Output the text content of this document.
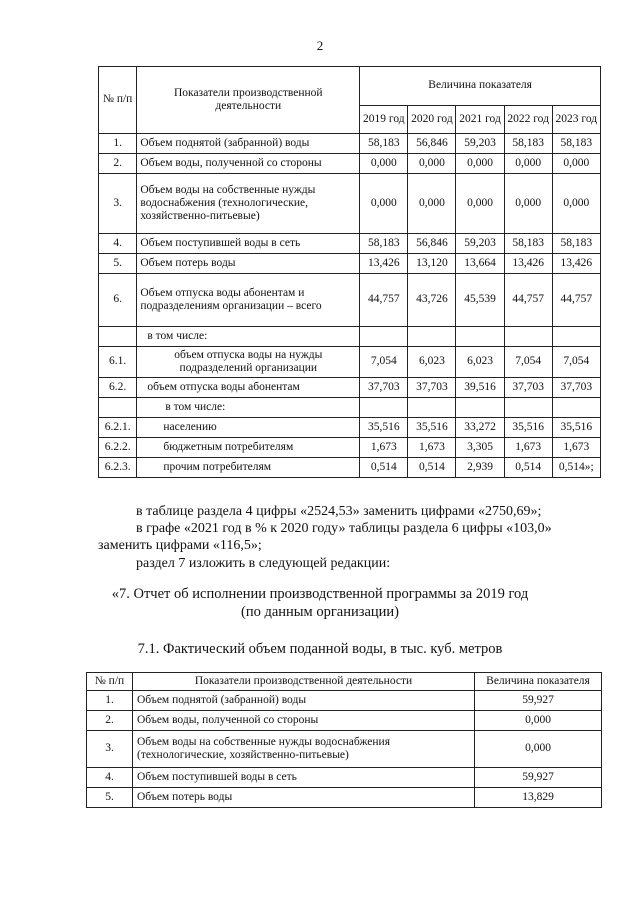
2
№ п/п	Показатели производственной деятельности	Величина показателя				
		2019 год	2020 год	2021 год	2022 год	2023 год
1.	Объем поднятой (забранной) воды	58,183	56,846	59,203	58,183	58,183
2.	Объем воды, полученной со стороны	0,000	0,000	0,000	0,000	0,000
3.	Объем воды на собственные нужды водоснабжения (технологические, хозяйственно-питьевые)	0,000	0,000	0,000	0,000	0,000
4.	Объем поступившей воды в сеть	58,183	56,846	59,203	58,183	58,183
5.	Объем потерь воды	13,426	13,120	13,664	13,426	13,426
6.	Объем отпуска воды абонентам и подразделениям организации – всего	44,757	43,726	45,539	44,757	44,757
	в том числе:					
6.1.	объем отпуска воды на нужды подразделений организации	7,054	6,023	6,023	7,054	7,054
6.2.	объем отпуска воды абонентам	37,703	37,703	39,516	37,703	37,703
	в том числе:					
6.2.1.	населению	35,516	35,516	33,272	35,516	35,516
6.2.2.	бюджетным потребителям	1,673	1,673	3,305	1,673	1,673
6.2.3.	прочим потребителям	0,514	0,514	2,939	0,514	0,514»;
в таблице раздела 4 цифры «2524,53» заменить цифрами «2750,69»;
в графе «2021 год в % к 2020 году» таблицы раздела 6 цифры «103,0»
заменить цифрами «116,5»;
раздел 7 изложить в следующей редакции:
«7. Отчет об исполнении производственной программы за 2019 год
(по данным организации)
7.1. Фактический объем поданной воды, в тыс. куб. метров
№ п/п	Показатели производственной деятельности	Величина показателя
1.	Объем поднятой (забранной) воды	59,927
2.	Объем воды, полученной со стороны	0,000
3.	Объем воды на собственные нужды водоснабжения (технологические, хозяйственно-питьевые)	0,000
4.	Объем поступившей воды в сеть	59,927
5.	Объем потерь воды	13,829
